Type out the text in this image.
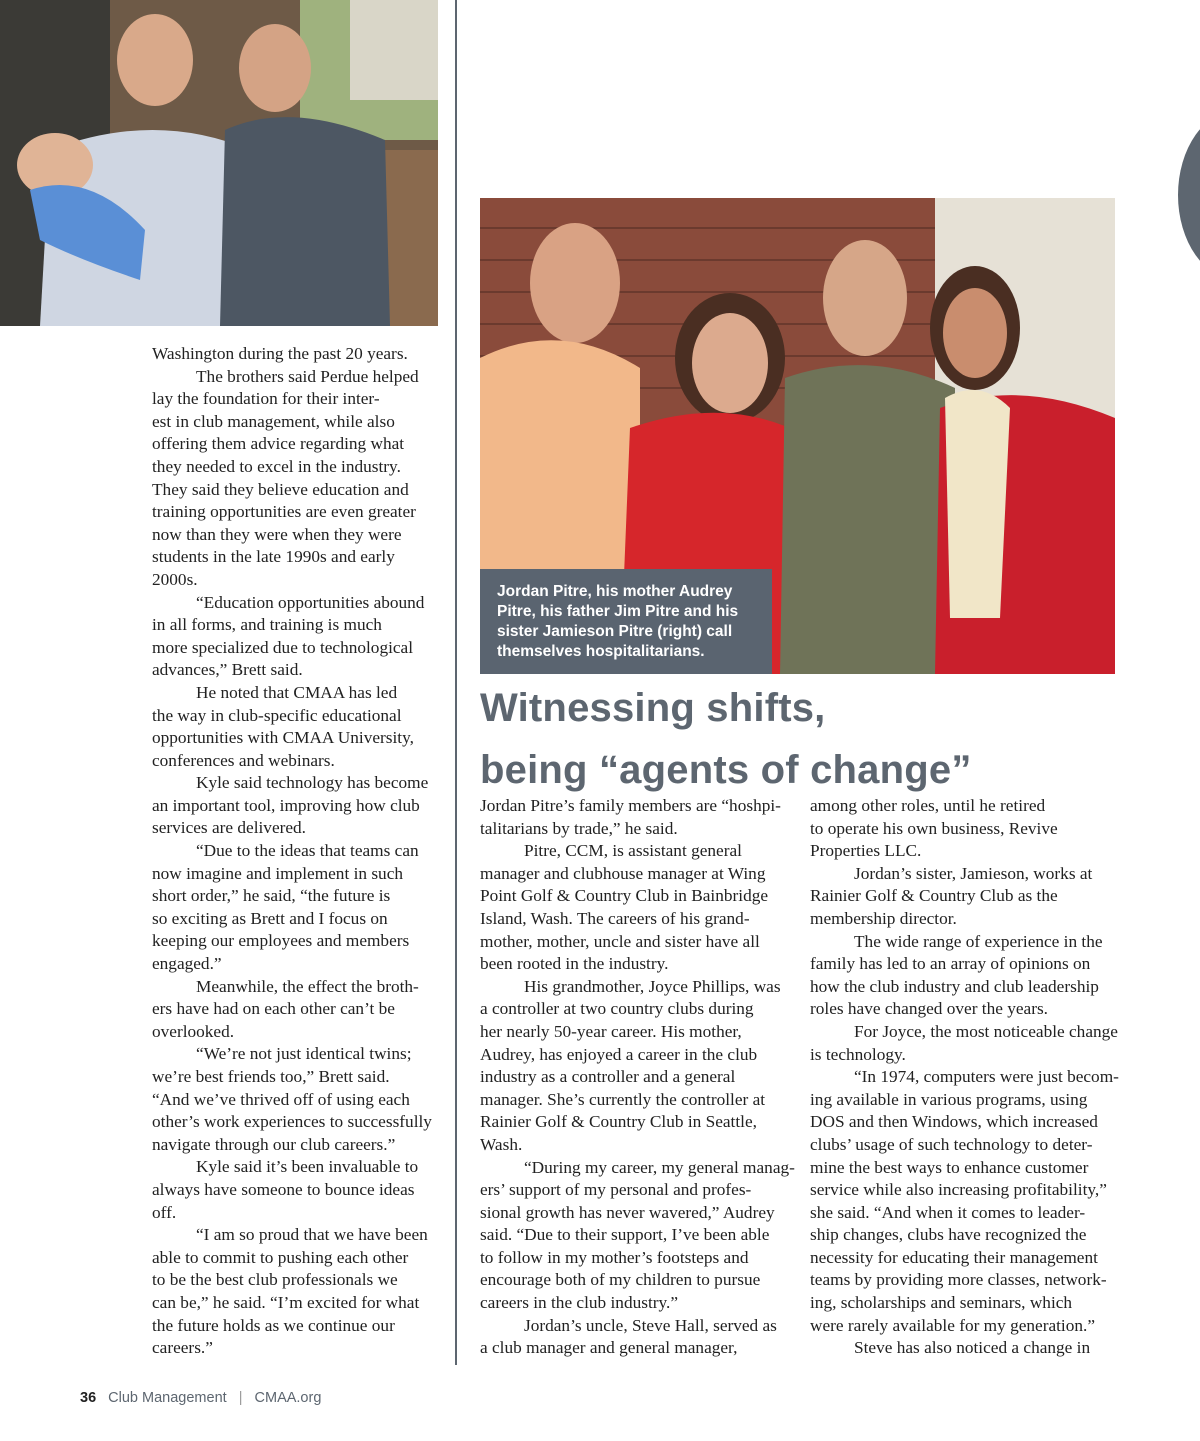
Jordan Pitre, his mother Audrey
Pitre, his father Jim Pitre and his
sister Jamieson Pitre (right) call
themselves hospitalitarians.
Witnessing shifts,
being “agents of change”
Washington during the past 20 years.
The brothers said Perdue helped
lay the foundation for their inter-
est in club management, while also
offering them advice regarding what
they needed to excel in the industry.
They said they believe education and
training opportunities are even greater
now than they were when they were
students in the late 1990s and early
2000s.
“Education opportunities abound
in all forms, and training is much
more specialized due to technological
advances,” Brett said.
He noted that CMAA has led
the way in club-specific educational
opportunities with CMAA University,
conferences and webinars.
Kyle said technology has become
an important tool, improving how club
services are delivered.
“Due to the ideas that teams can
now imagine and implement in such
short order,” he said, “the future is
so exciting as Brett and I focus on
keeping our employees and members
engaged.”
Meanwhile, the effect the broth-
ers have had on each other can’t be
overlooked.
“We’re not just identical twins;
we’re best friends too,” Brett said.
“And we’ve thrived off of using each
other’s work experiences to successfully
navigate through our club careers.”
Kyle said it’s been invaluable to
always have someone to bounce ideas
off.
“I am so proud that we have been
able to commit to pushing each other
to be the best club professionals we
can be,” he said. “I’m excited for what
the future holds as we continue our
careers.”
Jordan Pitre’s family members are “hoshpi-
talitarians by trade,” he said.
Pitre, CCM, is assistant general
manager and clubhouse manager at Wing
Point Golf & Country Club in Bainbridge
Island, Wash. The careers of his grand-
mother, mother, uncle and sister have all
been rooted in the industry.
His grandmother, Joyce Phillips, was
a controller at two country clubs during
her nearly 50-year career. His mother,
Audrey, has enjoyed a career in the club
industry as a controller and a general
manager. She’s currently the controller at
Rainier Golf & Country Club in Seattle,
Wash.
“During my career, my general manag-
ers’ support of my personal and profes-
sional growth has never wavered,” Audrey
said. “Due to their support, I’ve been able
to follow in my mother’s footsteps and
encourage both of my children to pursue
careers in the club industry.”
Jordan’s uncle, Steve Hall, served as
a club manager and general manager,
among other roles, until he retired
to operate his own business, Revive
Properties LLC.
Jordan’s sister, Jamieson, works at
Rainier Golf & Country Club as the
membership director.
The wide range of experience in the
family has led to an array of opinions on
how the club industry and club leadership
roles have changed over the years.
For Joyce, the most noticeable change
is technology.
“In 1974, computers were just becom-
ing available in various programs, using
DOS and then Windows, which increased
clubs’ usage of such technology to deter-
mine the best ways to enhance customer
service while also increasing profitability,”
she said. “And when it comes to leader-
ship changes, clubs have recognized the
necessity for educating their management
teams by providing more classes, network-
ing, scholarships and seminars, which
were rarely available for my generation.”
Steve has also noticed a change in
36 Club Management | CMAA.org
